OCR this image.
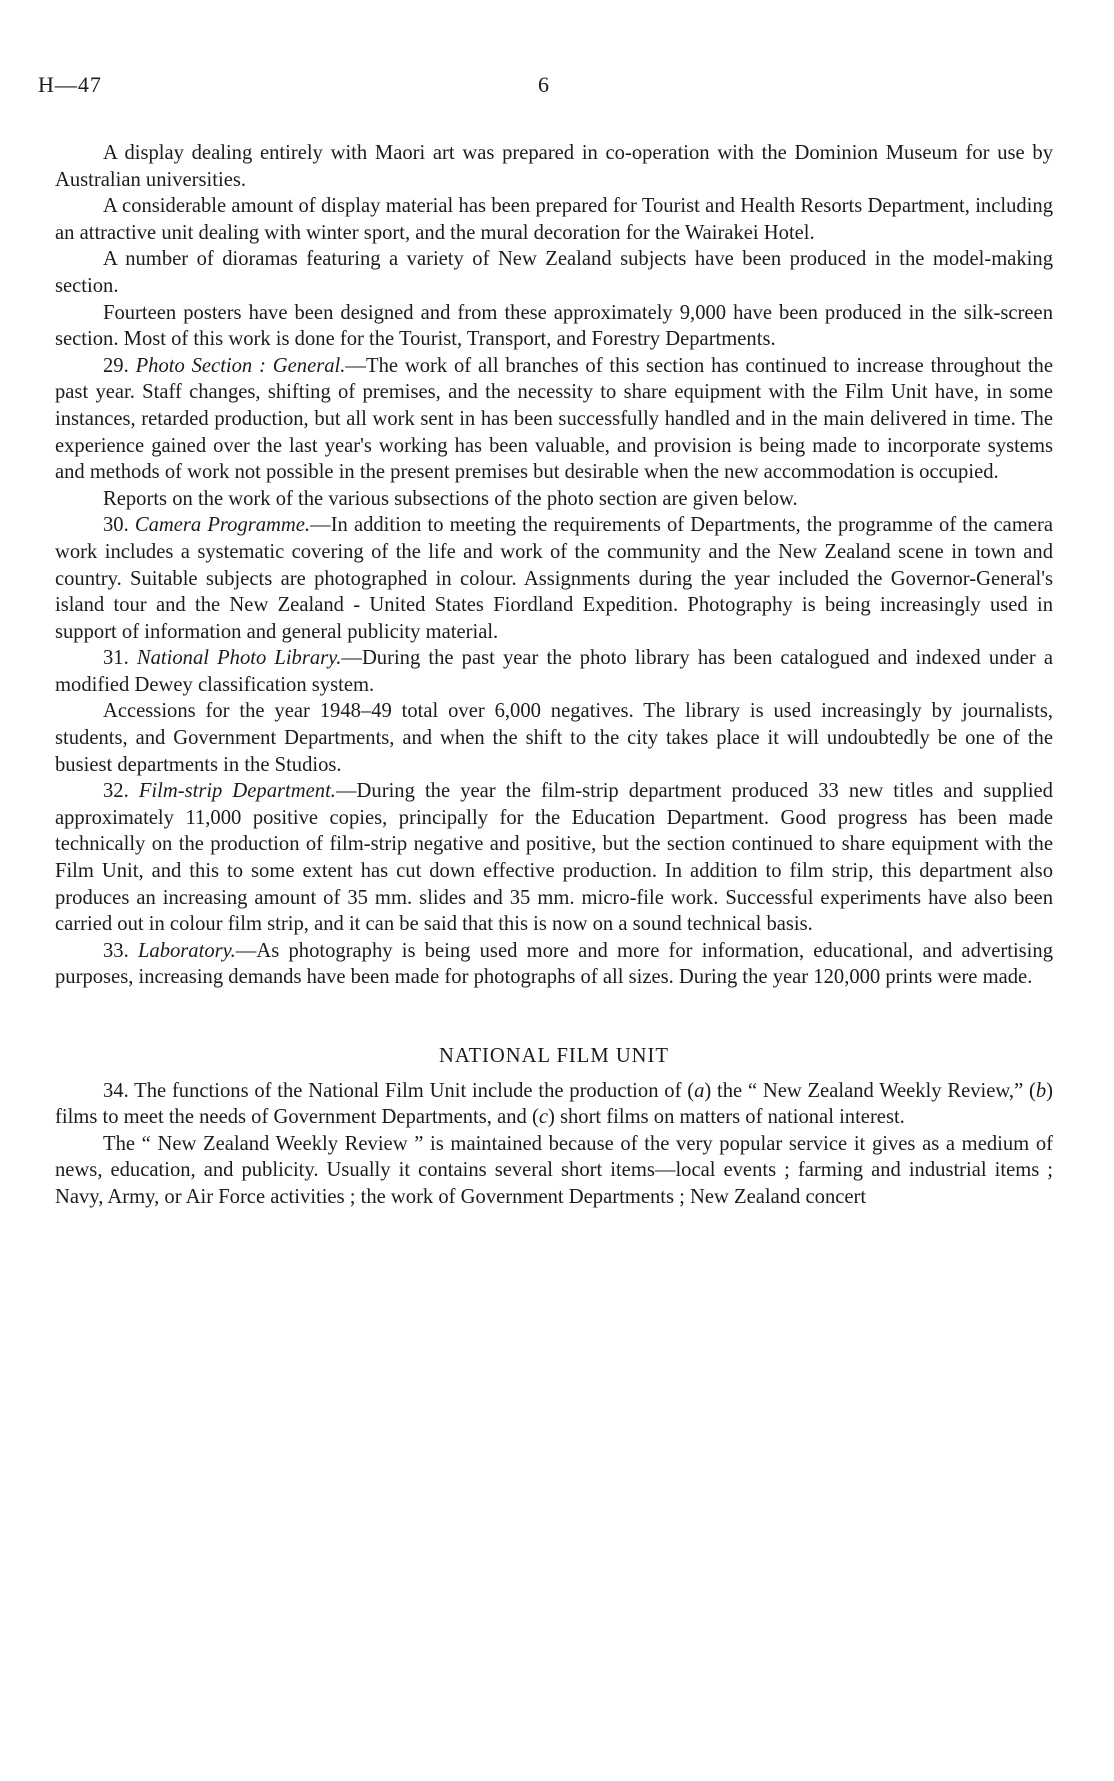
H—47	6

A display dealing entirely with Maori art was prepared in co-operation with the Dominion Museum for use by Australian universities.

A considerable amount of display material has been prepared for Tourist and Health Resorts Department, including an attractive unit dealing with winter sport, and the mural decoration for the Wairakei Hotel.

A number of dioramas featuring a variety of New Zealand subjects have been produced in the model-making section.

Fourteen posters have been designed and from these approximately 9,000 have been produced in the silk-screen section. Most of this work is done for the Tourist, Transport, and Forestry Departments.

29. Photo Section : General.—The work of all branches of this section has continued to increase throughout the past year. Staff changes, shifting of premises, and the necessity to share equipment with the Film Unit have, in some instances, retarded production, but all work sent in has been successfully handled and in the main delivered in time. The experience gained over the last year's working has been valuable, and provision is being made to incorporate systems and methods of work not possible in the present premises but desirable when the new accommodation is occupied.

Reports on the work of the various subsections of the photo section are given below.

30. Camera Programme.—In addition to meeting the requirements of Departments, the programme of the camera work includes a systematic covering of the life and work of the community and the New Zealand scene in town and country. Suitable subjects are photographed in colour. Assignments during the year included the Governor-General's island tour and the New Zealand - United States Fiordland Expedition. Photography is being increasingly used in support of information and general publicity material.

31. National Photo Library.—During the past year the photo library has been catalogued and indexed under a modified Dewey classification system.

Accessions for the year 1948–49 total over 6,000 negatives. The library is used increasingly by journalists, students, and Government Departments, and when the shift to the city takes place it will undoubtedly be one of the busiest departments in the Studios.

32. Film-strip Department.—During the year the film-strip department produced 33 new titles and supplied approximately 11,000 positive copies, principally for the Education Department. Good progress has been made technically on the production of film-strip negative and positive, but the section continued to share equipment with the Film Unit, and this to some extent has cut down effective production. In addition to film strip, this department also produces an increasing amount of 35 mm. slides and 35 mm. micro-file work. Successful experiments have also been carried out in colour film strip, and it can be said that this is now on a sound technical basis.

33. Laboratory.—As photography is being used more and more for information, educational, and advertising purposes, increasing demands have been made for photographs of all sizes. During the year 120,000 prints were made.

NATIONAL FILM UNIT

34. The functions of the National Film Unit include the production of (a) the “ New Zealand Weekly Review,” (b) films to meet the needs of Government Departments, and (c) short films on matters of national interest.

The “ New Zealand Weekly Review ” is maintained because of the very popular service it gives as a medium of news, education, and publicity. Usually it contains several short items—local events ; farming and industrial items ; Navy, Army, or Air Force activities ; the work of Government Departments ; New Zealand concert
